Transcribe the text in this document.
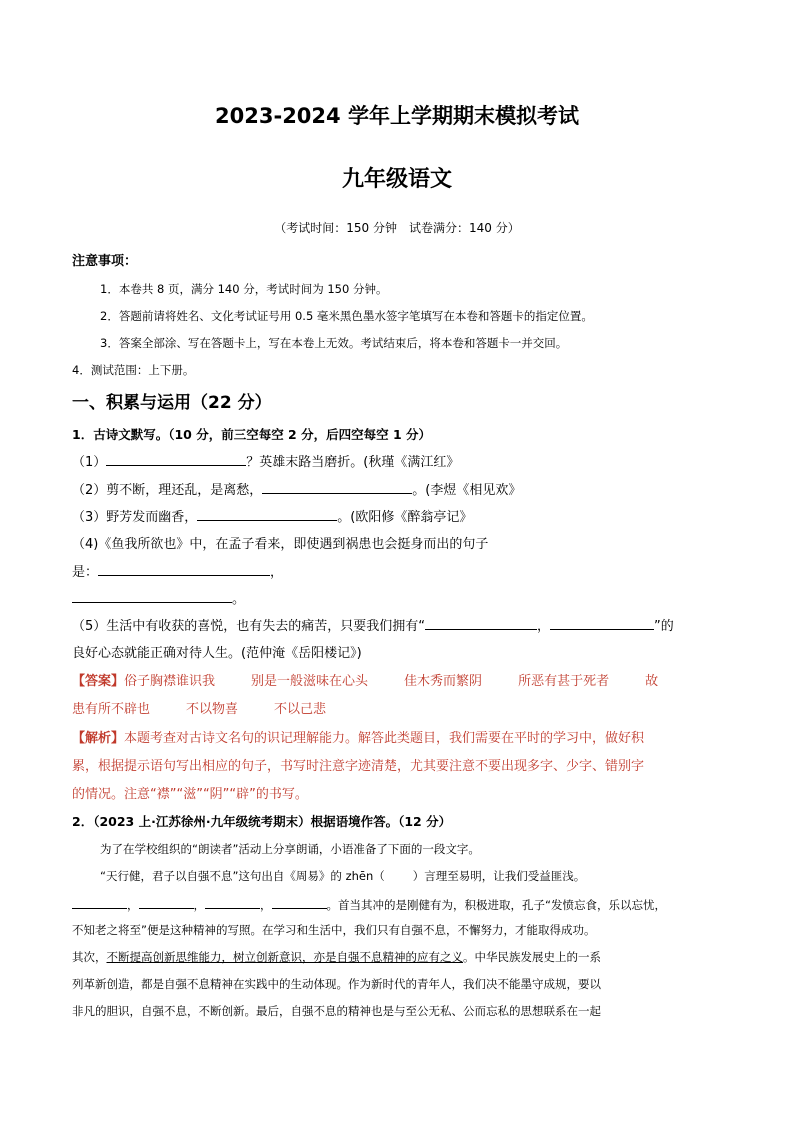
2023-2024 学年上学期期末模拟考试
九年级语文
（考试时间：150 分钟　试卷满分：140 分）
注意事项：
1．本卷共 8 页，满分 140 分，考试时间为 150 分钟。
2．答题前请将姓名、文化考试证号用 0.5 毫米黑色墨水签字笔填写在本卷和答题卡的指定位置。
3．答案全部涂、写在答题卡上，写在本卷上无效。考试结束后，将本卷和答题卡一并交回。
4．测试范围：上下册。
一、积累与运用（22 分）
1．古诗文默写。（10 分，前三空每空 2 分，后四空每空 1 分）
（1）	？英雄末路当磨折。(秋瑾《满江红》
（2）剪不断，理还乱，是离愁，	。(李煜《相见欢》
（3）野芳发而幽香，	。(欧阳修《醉翁亭记》
（4)《鱼我所欲也》中，在孟子看来，即使遇到祸患也会挺身而出的句子
是：	，
。
（5）生活中有收获的喜悦，也有失去的痛苦，只要我们拥有“	，	”的
良好心态就能正确对待人生。(范仲淹《岳阳楼记》)
【答案】俗子胸襟谁识我	别是一般滋味在心头	佳木秀而繁阴	所恶有甚于死者	故
患有所不辟也	不以物喜	不以己悲
【解析】本题考查对古诗文名句的识记理解能力。解答此类题目，我们需要在平时的学习中，做好积
累，根据提示语句写出相应的句子，书写时注意字迹清楚，尤其要注意不要出现多字、少字、错别字
的情况。注意“襟”“滋”“阴”“辟”的书写。
2．（2023 上·江苏徐州·九年级统考期末）根据语境作答。（12 分）
为了在学校组织的“朗读者”活动上分享朗诵，小语准备了下面的一段文字。
“天行健，君子以自强不息”这句出自《周易》的 zhēn（ ）言理至易明，让我们受益匪浅。
，	，	，	。首当其冲的是刚健有为，积极进取，孔子“发愤忘食，乐以忘忧，
不知老之将至”便是这种精神的写照。在学习和生活中，我们只有自强不息，不懈努力，才能取得成功。
其次，不断提高创新思维能力，树立创新意识，亦是自强不息精神的应有之义。中华民族发展史上的一系
列革新创造，都是自强不息精神在实践中的生动体现。作为新时代的青年人，我们决不能墨守成规，要以
非凡的胆识，自强不息，不断创新。最后，自强不息的精神也是与至公无私、公而忘私的思想联系在一起
